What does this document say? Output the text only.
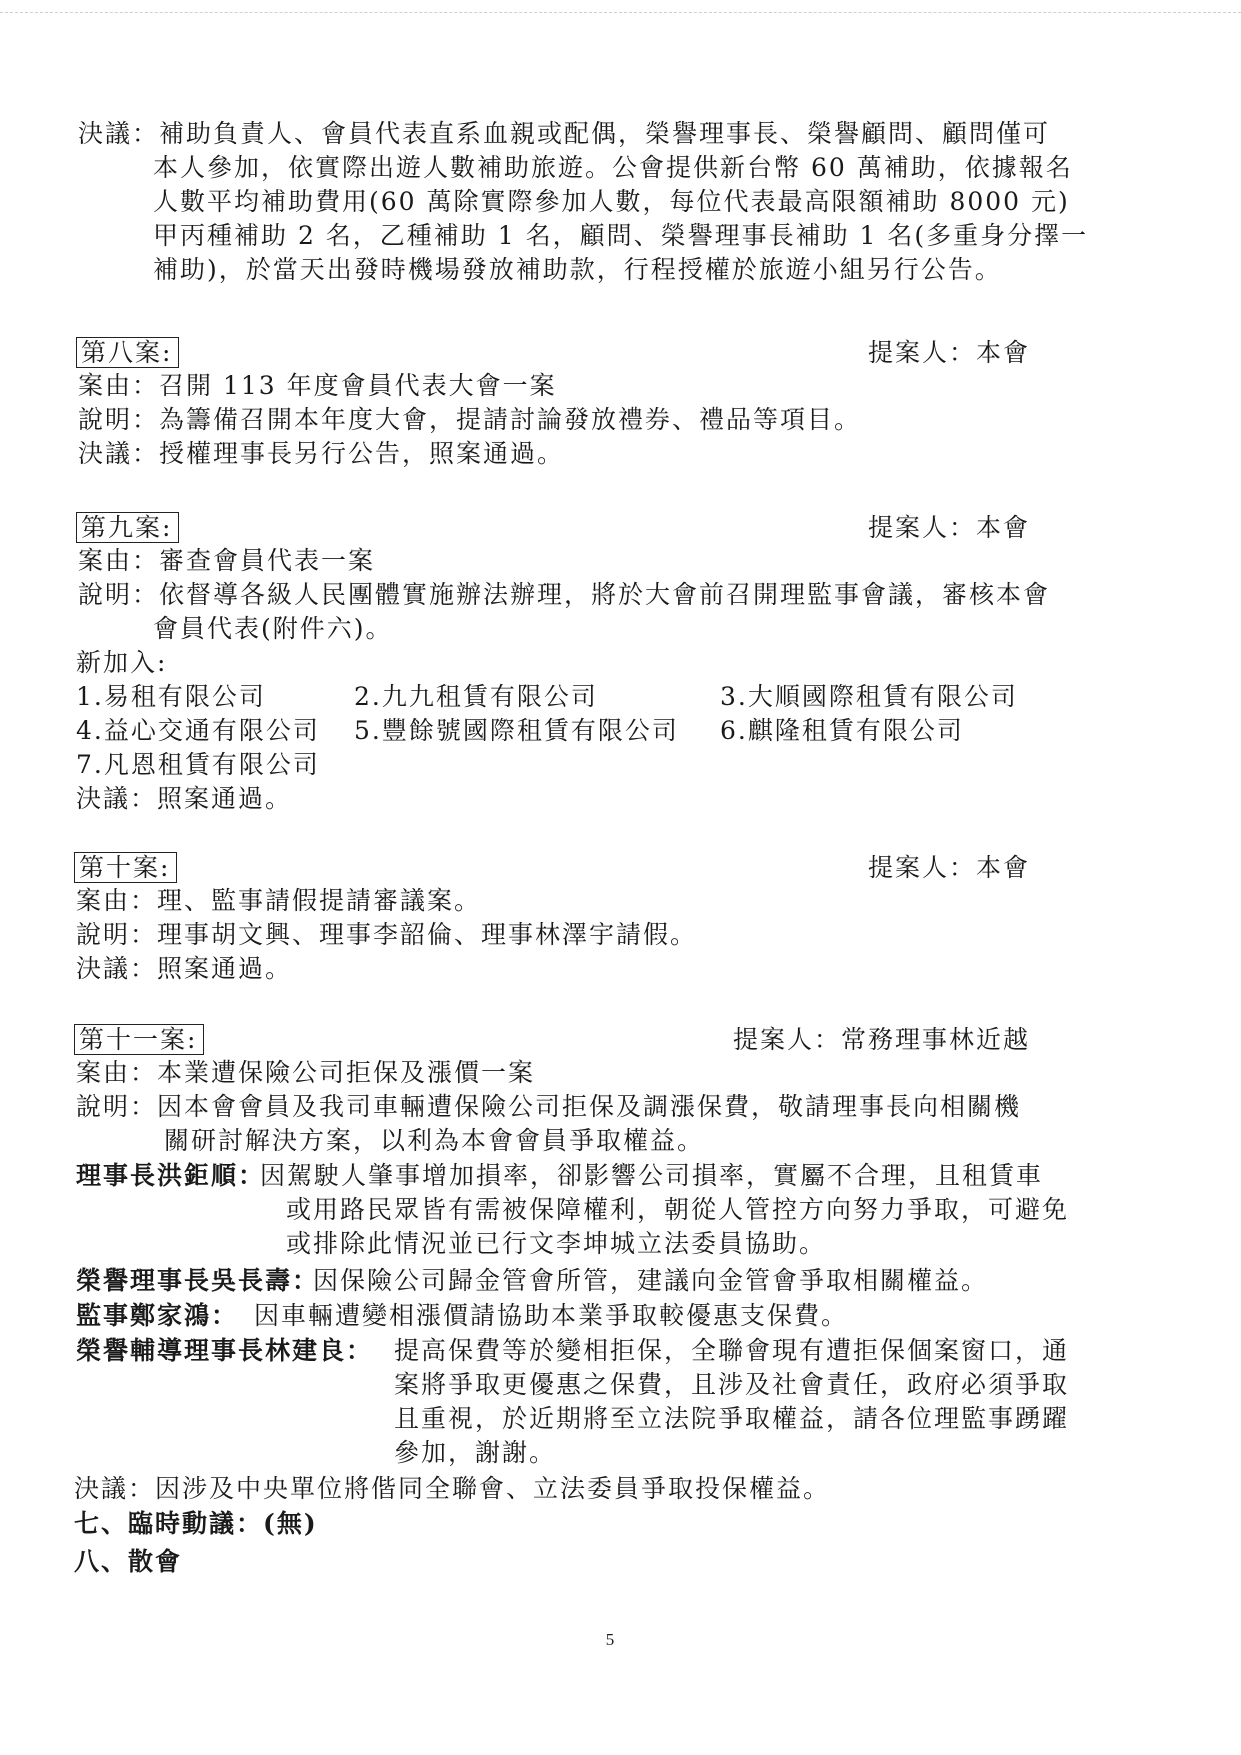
決議：補助負責人、會員代表直系血親或配偶，榮譽理事長、榮譽顧問、顧問僅可
本人參加，依實際出遊人數補助旅遊。公會提供新台幣 60 萬補助，依據報名
人數平均補助費用(60 萬除實際參加人數，每位代表最高限額補助 8000 元)
甲丙種補助 2 名，乙種補助 1 名，顧問、榮譽理事長補助 1 名(多重身分擇一
補助)，於當天出發時機場發放補助款，行程授權於旅遊小組另行公告。
第八案:	提案人：本會
案由：召開 113 年度會員代表大會一案
說明：為籌備召開本年度大會，提請討論發放禮券、禮品等項目。
決議：授權理事長另行公告，照案通過。
第九案:	提案人：本會
案由：審查會員代表一案
說明：依督導各級人民團體實施辦法辦理，將於大會前召開理監事會議，審核本會
會員代表(附件六)。
新加入:
1.易租有限公司	2.九九租賃有限公司	3.大順國際租賃有限公司
4.益心交通有限公司 5.豐餘號國際租賃有限公司 6.麒隆租賃有限公司
7.凡恩租賃有限公司
決議：照案通過。
第十案:	提案人：本會
案由：理、監事請假提請審議案。
說明：理事胡文興、理事李韶倫、理事林澤宇請假。
決議：照案通過。
第十一案:	提案人：常務理事林近越
案由：本業遭保險公司拒保及漲價一案
說明：因本會會員及我司車輛遭保險公司拒保及調漲保費，敬請理事長向相關機
關研討解決方案，以利為本會會員爭取權益。
理事長洪鉅順：
因駕駛人肇事增加損率，卻影響公司損率，實屬不合理，且租賃車
或用路民眾皆有需被保障權利，朝從人管控方向努力爭取，可避免
或排除此情況並已行文李坤城立法委員協助。
榮譽理事長吳長壽：
因保險公司歸金管會所管，建議向金管會爭取相關權益。
監事鄭家鴻： 因車輛遭變相漲價請協助本業爭取較優惠支保費。
榮譽輔導理事長林建良： 提高保費等於變相拒保，全聯會現有遭拒保個案窗口，通
案將爭取更優惠之保費，且涉及社會責任，政府必須爭取
且重視，於近期將至立法院爭取權益，請各位理監事踴躍
參加，謝謝。
決議：因涉及中央單位將偕同全聯會、立法委員爭取投保權益。
七、臨時動議：(無)
八、散會
5
